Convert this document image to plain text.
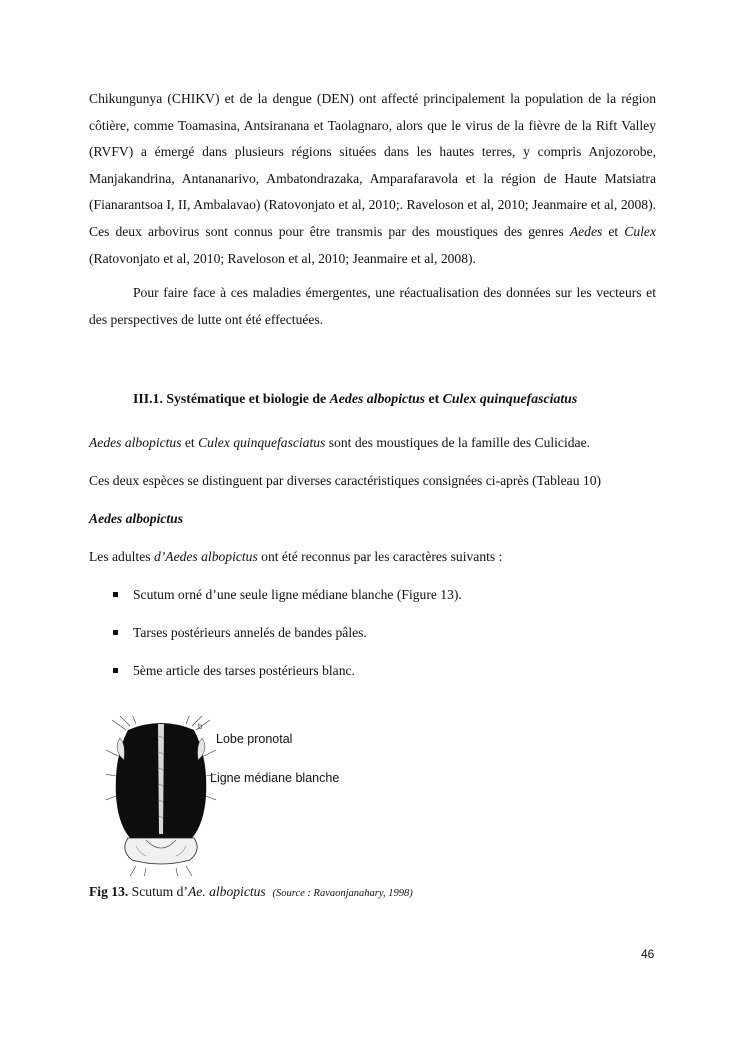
Chikungunya (CHIKV) et de la dengue (DEN) ont affecté principalement la population de la région côtière, comme Toamasina, Antsiranana et Taolagnaro, alors que le virus de la fièvre de la Rift Valley (RVFV) a émergé dans plusieurs régions situées dans les hautes terres, y compris Anjozorobe, Manjakandrina, Antananarivo, Ambatondrazaka, Amparafaravola et la région de Haute Matsiatra (Fianarantsoa I, II, Ambalavao) (Ratovonjato et al, 2010;. Raveloson et al, 2010; Jeanmaire et al, 2008). Ces deux arbovirus sont connus pour être transmis par des moustiques des genres Aedes et Culex (Ratovonjato et al, 2010; Raveloson et al, 2010; Jeanmaire et al, 2008).

Pour faire face à ces maladies émergentes, une réactualisation des données sur les vecteurs et des perspectives de lutte ont été effectuées.

III.1. Systématique et biologie de Aedes albopictus et Culex quinquefasciatus

Aedes albopictus et Culex quinquefasciatus sont des moustiques de la famille des Culicidae.

Ces deux espèces se distinguent par diverses caractéristiques consignées ci-après (Tableau 10)

Aedes albopictus

Les adultes d’Aedes albopictus ont été reconnus par les caractères suivants :

Scutum orné d’une seule ligne médiane blanche (Figure 13).
Tarses postérieurs annelés de bandes pâles.
5ème article des tarses postérieurs blanc.
b
Lobe pronotal
Ligne médiane blanche
Fig 13. Scutum d’Ae. albopictus (Source : Ravaonjanahary, 1998)
46
